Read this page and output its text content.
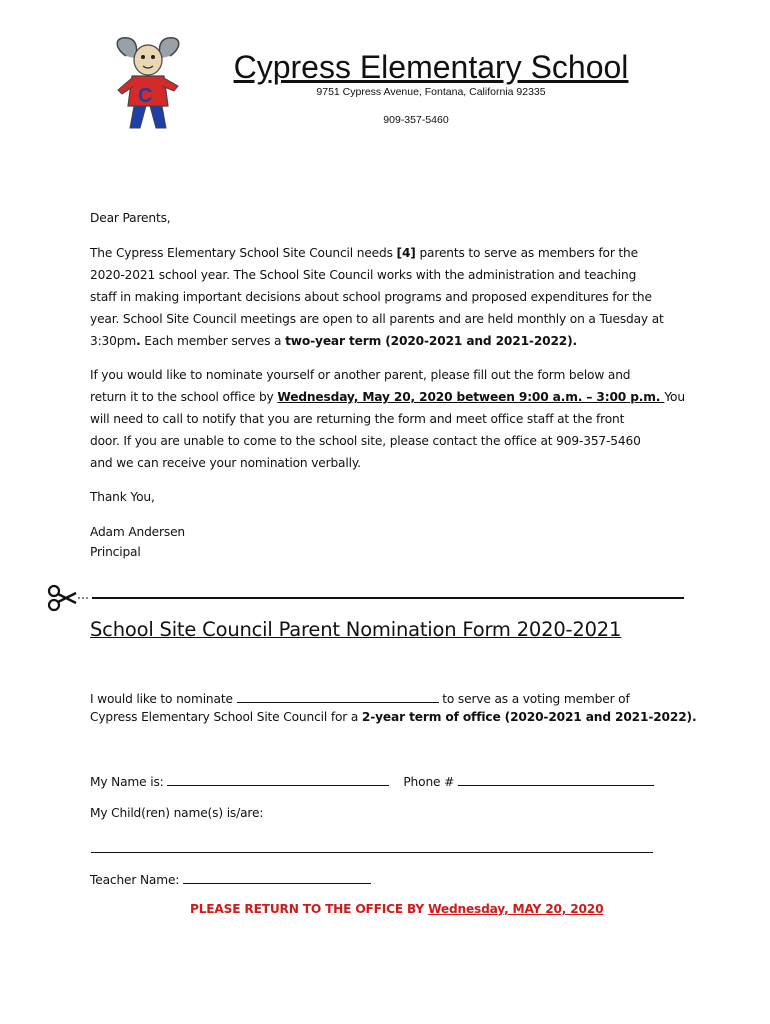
C
Cypress Elementary School
9751 Cypress Avenue, Fontana, California 92335
909-357-5460
Dear Parents,
The Cypress Elementary School Site Council needs [4] parents to serve as members for the
2020-2021 school year. The School Site Council works with the administration and teaching
staff in making important decisions about school programs and proposed expenditures for the
year. School Site Council meetings are open to all parents and are held monthly on a Tuesday at
3:30pm. Each member serves a two-year term (2020-2021 and 2021-2022).
If you would like to nominate yourself or another parent, please fill out the form below and
return it to the school office by Wednesday, May 20, 2020 between 9:00 a.m. – 3:00 p.m. You
will need to call to notify that you are returning the form and meet office staff at the front
door. If you are unable to come to the school site, please contact the office at 909-357-5460
and we can receive your nomination verbally.
Thank You,
Adam Andersen
Principal
School Site Council Parent Nomination Form 2020-2021
I would like to nominate	to serve as a voting member of
Cypress Elementary School Site Council for a 2-year term of office (2020-2021 and 2021-2022).
My Name is:	Phone #
My Child(ren) name(s) is/are:
Teacher Name:
PLEASE RETURN TO THE OFFICE BY Wednesday, MAY 20, 2020
